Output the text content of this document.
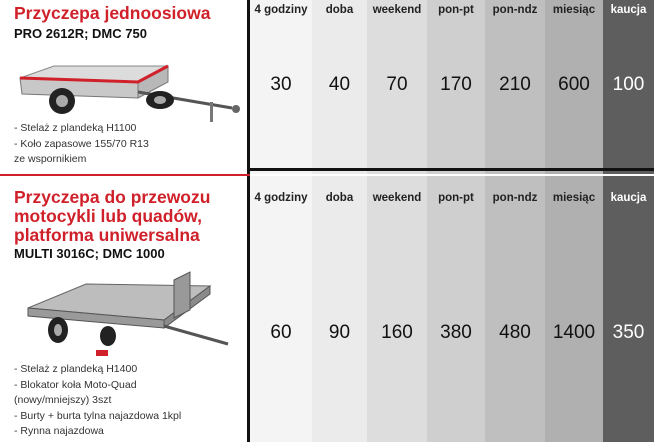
Przyczepa jednoosiowa
PRO 2612R; DMC 750
- Stelaż z plandeką H1100
- Koło zapasowe 155/70 R13
ze wspornikiem
4 godziny
30
doba
40
weekend
70
pon-pt
170
pon-ndz
210
miesiąc
600
kaucja
100
Przyczepa do przewozu
motocykli lub quadów,
platforma uniwersalna
MULTI 3016C; DMC 1000
- Stelaż z plandeką H1400
- Blokator koła Moto-Quad
(nowy/mniejszy) 3szt
- Burty + burta tylna najazdowa 1kpl
- Rynna najazdowa
4 godziny
60
doba
90
weekend
160
pon-pt
380
pon-ndz
480
miesiąc
1400
kaucja
350
